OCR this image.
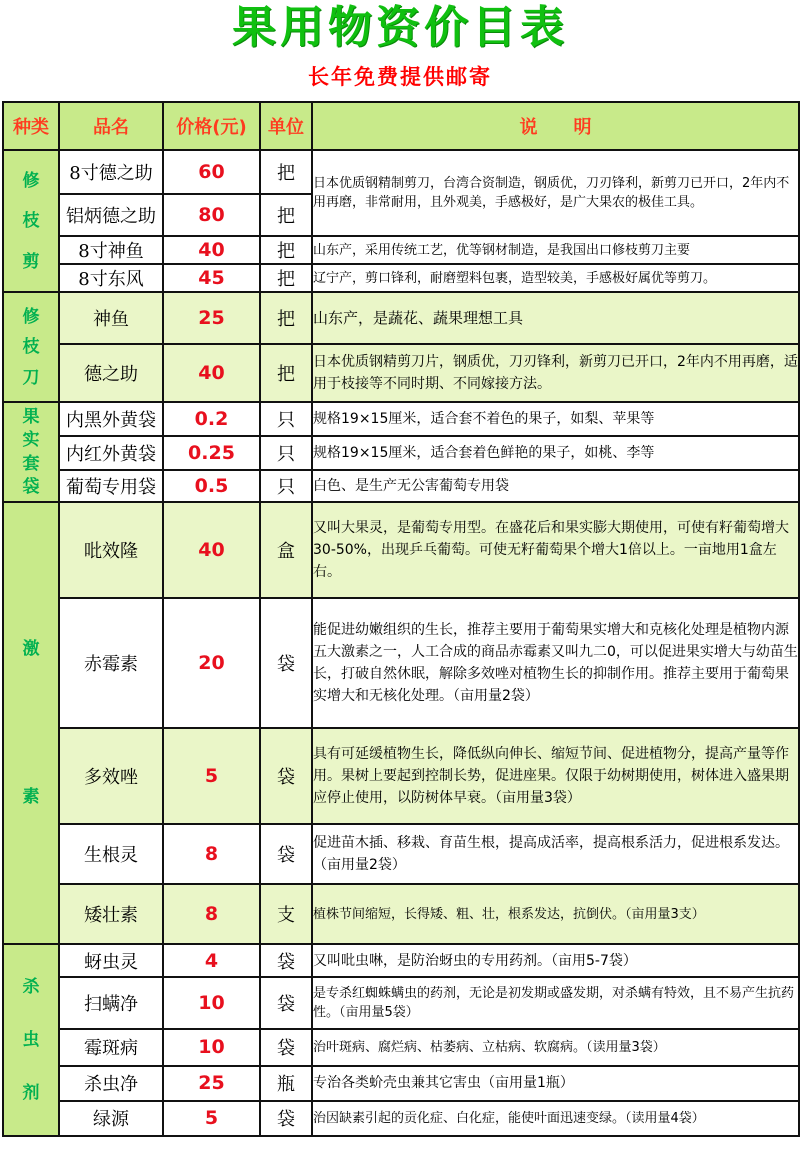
果用物资价目表
长年免费提供邮寄
种类	品名	价格(元)	单位	说　　明

修
枝
剪	8寸德之助	60	把	日本优质钢精制剪刀，台湾合资制造，钢质优，刀刃锋利，新剪刀已开口，2年内不用再磨，非常耐用，且外观美，手感极好，是广大果农的极佳工具。
	铝炳德之助	80	把	
	8寸神鱼	40	把	山东产，采用传统工艺，优等钢材制造，是我国出口修枝剪刀主要
	8寸东风	45	把	辽宁产，剪口锋利，耐磨塑料包裹，造型较美，手感极好属优等剪刀。

修
枝
刀	神鱼	25	把	山东产，是蔬花、蔬果理想工具
	德之助	40	把	日本优质钢精剪刀片，钢质优，刀刃锋利，新剪刀已开口，2年内不用再磨，适用于枝接等不同时期、不同嫁接方法。

果
实
套
袋	内黑外黄袋	0.2	只	规格19×15厘米，适合套不着色的果子，如梨、苹果等
	内红外黄袋	0.25	只	规格19×15厘米，适合套着色鲜艳的果子，如桃、李等
	葡萄专用袋	0.5	只	白色、是生产无公害葡萄专用袋

激
素	吡效隆	40	盒	又叫大果灵，是葡萄专用型。在盛花后和果实膨大期使用，可使有籽葡萄增大30-50%，出现乒乓葡萄。可使无籽葡萄果个增大1倍以上。一亩地用1盒左右。
	赤霉素	20	袋	能促进幼嫩组织的生长，推荐主要用于葡萄果实增大和克核化处理是植物内源五大激素之一，人工合成的商品赤霉素又叫九二0，可以促进果实增大与幼苗生长，打破自然休眠，解除多效唑对植物生长的抑制作用。推荐主要用于葡萄果实增大和无核化处理。（亩用量2袋）
	多效唑	5	袋	具有可延缓植物生长，降低纵向伸长、缩短节间、促进植物分，提高产量等作用。果树上要起到控制长势，促进座果。仅限于幼树期使用，树体进入盛果期应停止使用，以防树体早衰。（亩用量3袋）
	生根灵	8	袋	促进苗木插、移栽、育苗生根，提高成活率，提高根系活力，促进根系发达。（亩用量2袋）
	矮壮素	8	支	植株节间缩短，长得矮、粗、壮，根系发达，抗倒伏。（亩用量3支）

杀
虫
剂	蚜虫灵	4	袋	又叫吡虫啉，是防治蚜虫的专用药剂。（亩用5-7袋）
	扫螨净	10	袋	是专杀红蜘蛛螨虫的药剂，无论是初发期或盛发期，对杀螨有特效，且不易产生抗药性。（亩用量5袋）
	霉斑病	10	袋	治叶斑病、腐烂病、枯萎病、立枯病、软腐病。（读用量3袋）
	杀虫净	25	瓶	专治各类蚧壳虫兼其它害虫（亩用量1瓶）
	绿源	5	袋	治因缺素引起的贡化症、白化症，能使叶面迅速变绿。（读用量4袋）
